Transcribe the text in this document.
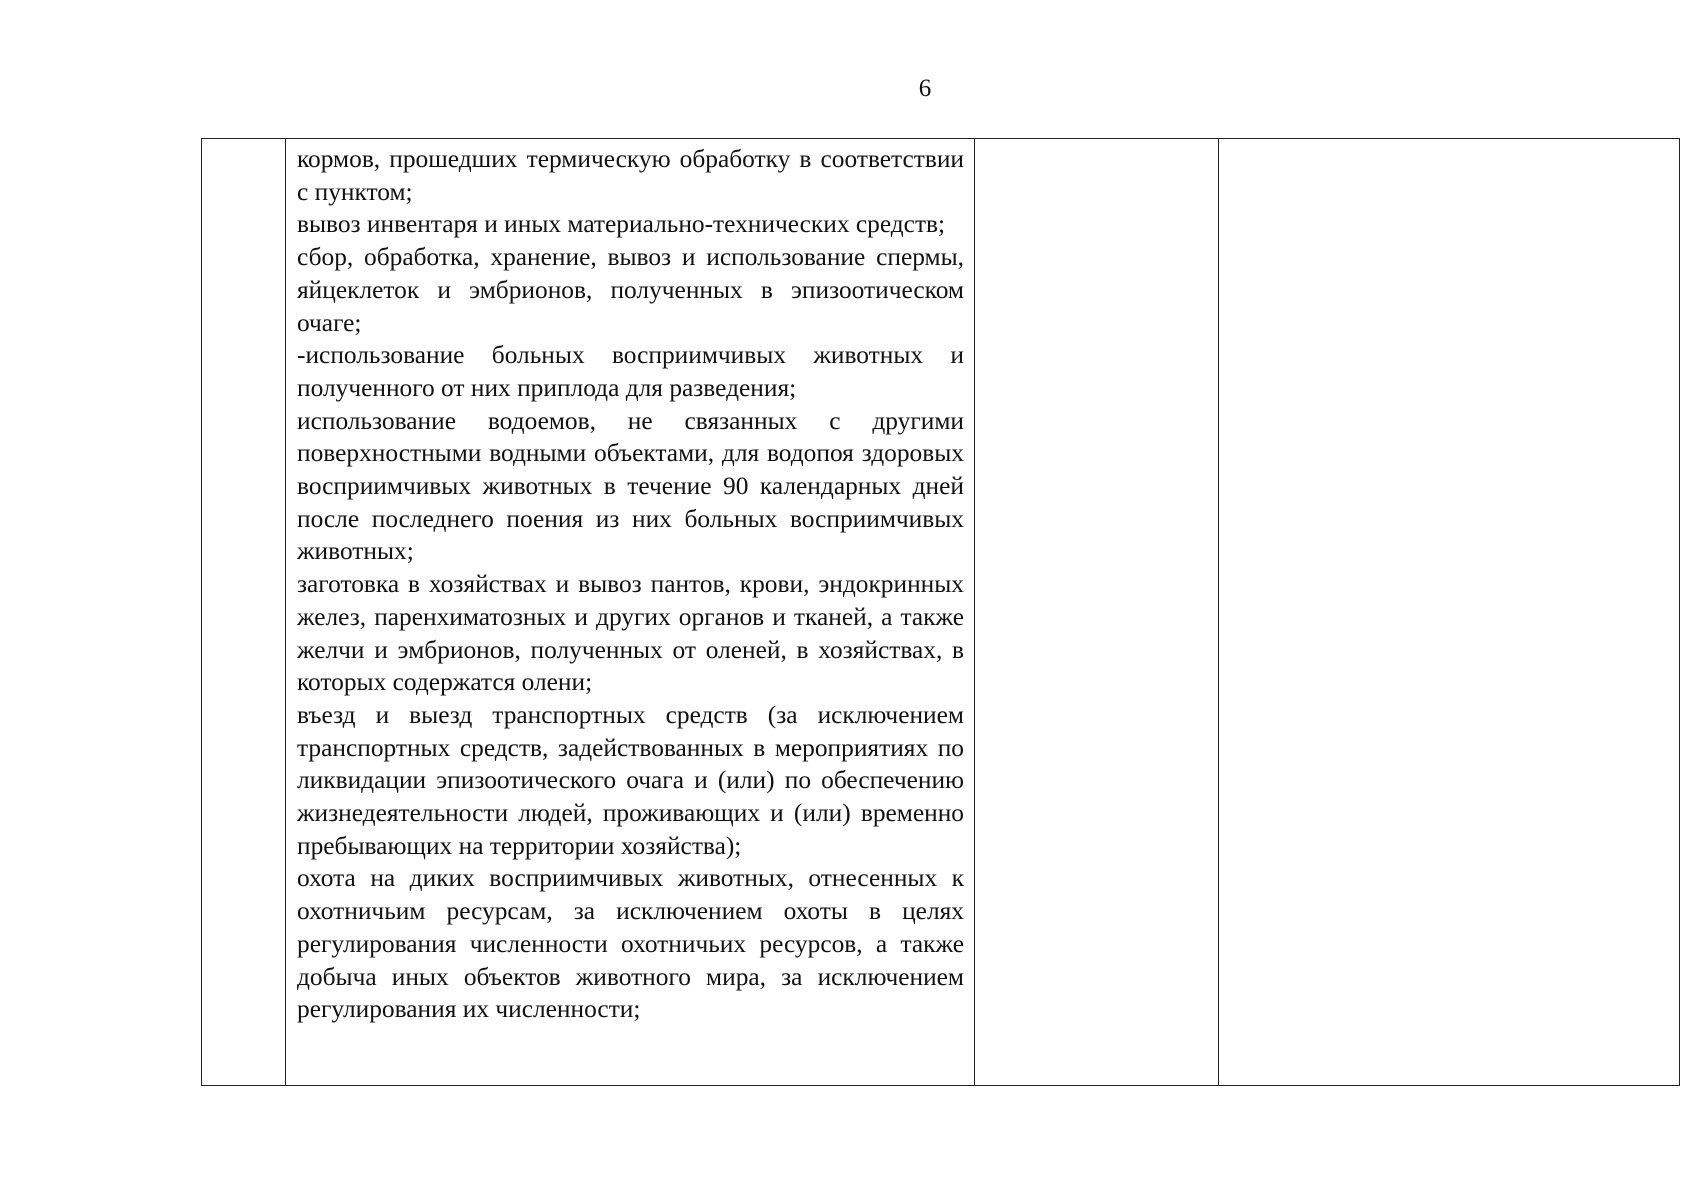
6

кормов, прошедших термическую обработку в соответствии с пунктом;

вывоз инвентаря и иных материально-технических средств;

сбор, обработка, хранение, вывоз и использование спермы, яйцеклеток и эмбрионов, полученных в эпизоотическом очаге;

-использование больных восприимчивых животных и полученного от них приплода для разведения;

использование водоемов, не связанных с другими поверхностными водными объектами, для водопоя здоровых восприимчивых животных в течение 90 календарных дней после последнего поения из них больных восприимчивых животных;

заготовка в хозяйствах и вывоз пантов, крови, эндокринных желез, паренхиматозных и других органов и тканей, а также желчи и эмбрионов, полученных от оленей, в хозяйствах, в которых содержатся олени;

въезд и выезд транспортных средств (за исключением транспортных средств, задействованных в мероприятиях по ликвидации эпизоотического очага и (или) по обеспечению жизнедеятельности людей, проживающих и (или) временно пребывающих на территории хозяйства);

охота на диких восприимчивых животных, отнесенных к охотничьим ресурсам, за исключением охоты в целях регулирования численности охотничьих ресурсов, а также добыча иных объектов животного мира, за исключением регулирования их численности;
